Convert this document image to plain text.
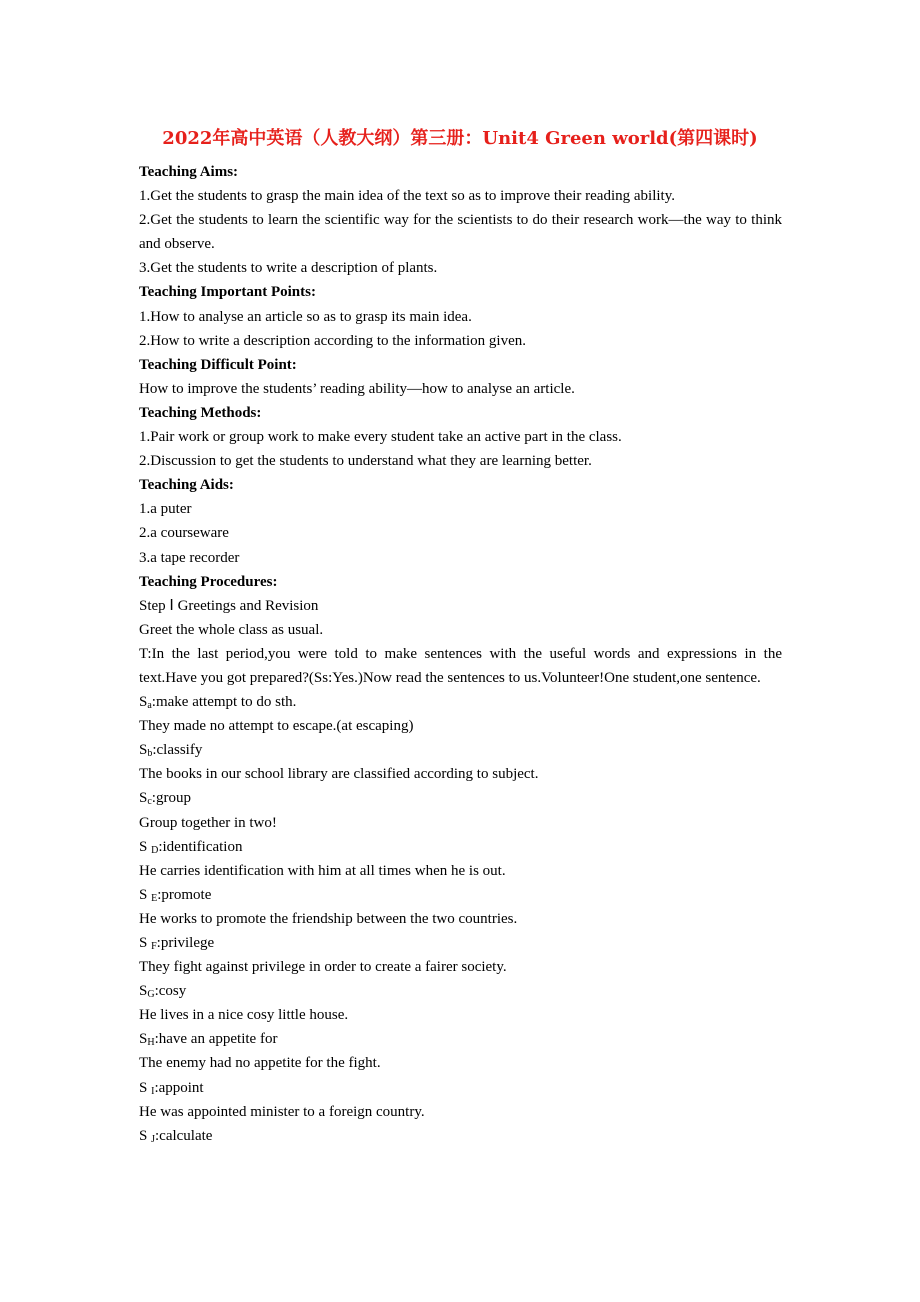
2022年高中英语（人教大纲）第三册：Unit4 Green world(第四课时)
Teaching Aims:
1.Get the students to grasp the main idea of the text so as to improve their reading ability.
2.Get the students to learn the scientific way for the scientists to do their research work—the way to think and observe.
3.Get the students to write a description of plants.
Teaching Important Points:
1.How to analyse an article so as to grasp its main idea.
2.How to write a description according to the information given.
Teaching Difficult Point:
How to improve the students’ reading ability—how to analyse an article.
Teaching Methods:
1.Pair work or group work to make every student take an active part in the class.
2.Discussion to get the students to understand what they are learning better.
Teaching Aids:
1.a puter
2.a courseware
3.a tape recorder
Teaching Procedures:
Step Ⅰ Greetings and Revision
Greet the whole class as usual.
T:In the last period,you were told to make sentences with the useful words and expressions in the text.Have you got prepared?(Ss:Yes.)Now read the sentences to us.Volunteer!One student,one sentence.
$S_a:make$ attempt to do sth.
They made no attempt to escape.(at escaping)
$S_b:classify$
The books in our school library are classified according to subject.
$S_c:group$
Group together in two!
S $_D$:identification
He carries identification with him at all times when he is out.
S $_E$:promote
He works to promote the friendship between the two countries.
S $_F$:privilege
They fight against privilege in order to create a fairer society.
$S_G:\cos y$
He lives in a nice cosy little house.
$S_H:have$ an appetite for
The enemy had no appetite for the fight.
S $_I$:appoint
He was appointed minister to a foreign country.
S $_J$:calculate
